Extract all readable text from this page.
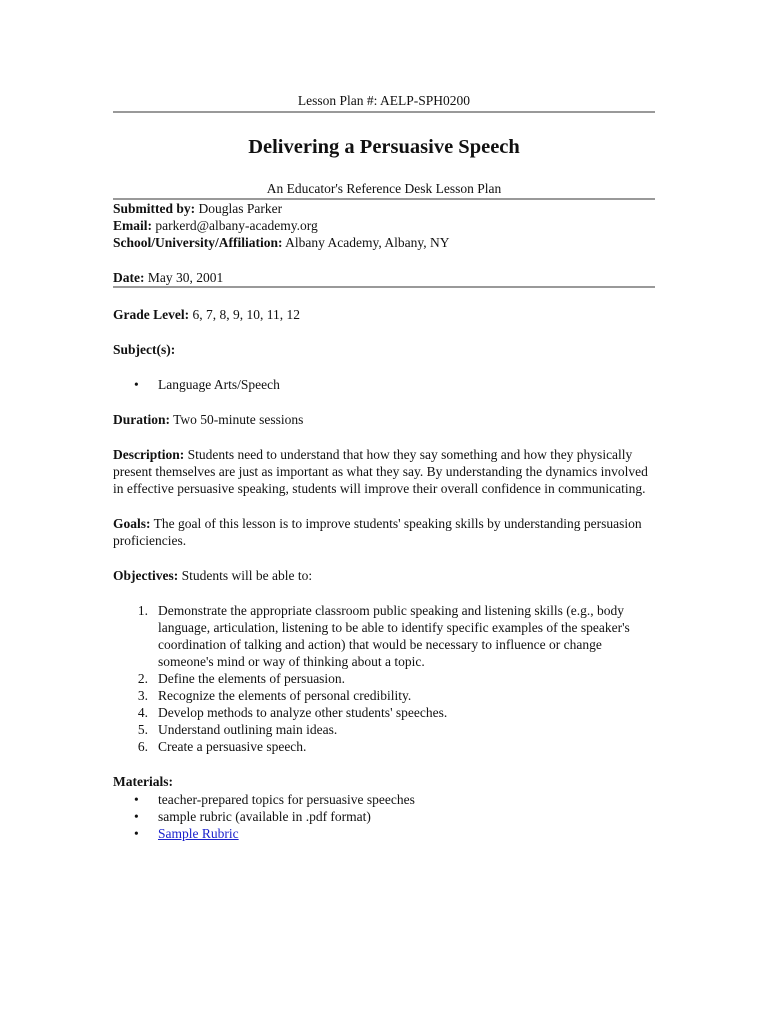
Lesson Plan #: AELP-SPH0200

Delivering a Persuasive Speech

An Educator's Reference Desk Lesson Plan

Submitted by: Douglas Parker

Email: parkerd@albany-academy.org

School/University/Affiliation: Albany Academy, Albany, NY

Date: May 30, 2001

Grade Level: 6, 7, 8, 9, 10, 11, 12

Subject(s):

• Language Arts/Speech

Duration: Two 50-minute sessions

Description: Students need to understand that how they say something and how they physically present themselves are just as important as what they say. By understanding the dynamics involved in effective persuasive speaking, students will improve their overall confidence in communicating.

Goals: The goal of this lesson is to improve students' speaking skills by understanding persuasion proficiencies.

Objectives: Students will be able to:

1. Demonstrate the appropriate classroom public speaking and listening skills (e.g., body language, articulation, listening to be able to identify specific examples of the speaker's coordination of talking and action) that would be necessary to influence or change someone's mind or way of thinking about a topic.
2. Define the elements of persuasion.
3. Recognize the elements of personal credibility.
4. Develop methods to analyze other students' speeches.
5. Understand outlining main ideas.
6. Create a persuasive speech.

Materials:

• teacher-prepared topics for persuasive speeches
• sample rubric (available in .pdf format)
• Sample Rubric
